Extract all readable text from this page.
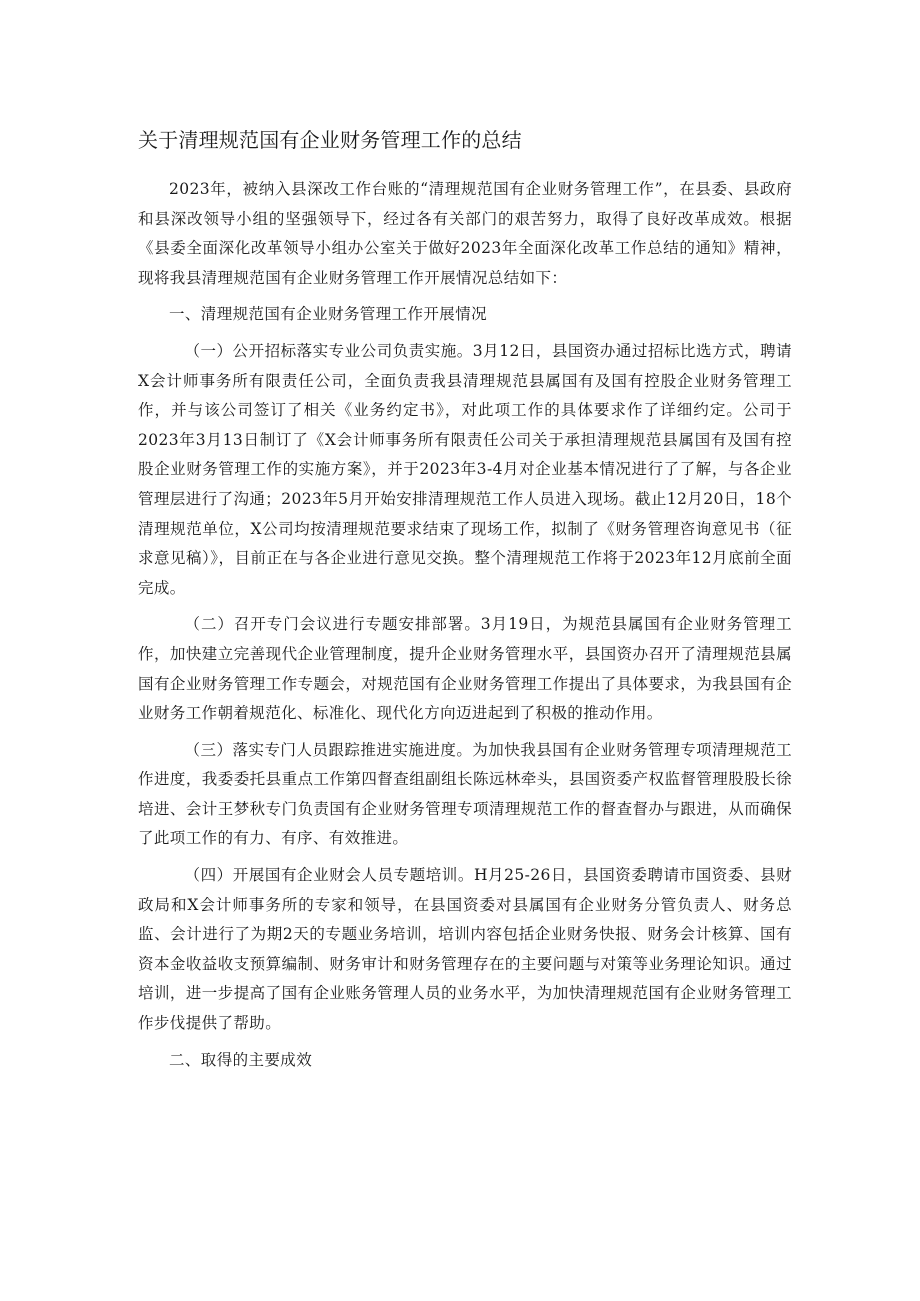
关于清理规范国有企业财务管理工作的总结

2023年，被纳入县深改工作台账的“清理规范国有企业财务管理工作”，在县委、县政府和县深改领导小组的坚强领导下，经过各有关部门的艰苦努力，取得了良好改革成效。根据《县委全面深化改革领导小组办公室关于做好2023年全面深化改革工作总结的通知》精神，现将我县清理规范国有企业财务管理工作开展情况总结如下：

一、清理规范国有企业财务管理工作开展情况

（一）公开招标落实专业公司负责实施。3月12日，县国资办通过招标比选方式，聘请X会计师事务所有限责任公司，全面负责我县清理规范县属国有及国有控股企业财务管理工作，并与该公司签订了相关《业务约定书》，对此项工作的具体要求作了详细约定。公司于2023年3月13日制订了《X会计师事务所有限责任公司关于承担清理规范县属国有及国有控股企业财务管理工作的实施方案》，并于2023年3-4月对企业基本情况进行了了解，与各企业管理层进行了沟通；2023年5月开始安排清理规范工作人员进入现场。截止12月20日，18个清理规范单位，X公司均按清理规范要求结束了现场工作，拟制了《财务管理咨询意见书（征求意见稿）》，目前正在与各企业进行意见交换。整个清理规范工作将于2023年12月底前全面完成。

（二）召开专门会议进行专题安排部署。3月19日，为规范县属国有企业财务管理工作，加快建立完善现代企业管理制度，提升企业财务管理水平，县国资办召开了清理规范县属国有企业财务管理工作专题会，对规范国有企业财务管理工作提出了具体要求，为我县国有企业财务工作朝着规范化、标准化、现代化方向迈进起到了积极的推动作用。

（三）落实专门人员跟踪推进实施进度。为加快我县国有企业财务管理专项清理规范工作进度，我委委托县重点工作第四督查组副组长陈远林牵头，县国资委产权监督管理股股长徐培进、会计王梦秋专门负责国有企业财务管理专项清理规范工作的督查督办与跟进，从而确保了此项工作的有力、有序、有效推进。

（四）开展国有企业财会人员专题培训。H月25-26日，县国资委聘请市国资委、县财政局和X会计师事务所的专家和领导，在县国资委对县属国有企业财务分管负责人、财务总监、会计进行了为期2天的专题业务培训，培训内容包括企业财务快报、财务会计核算、国有资本金收益收支预算编制、财务审计和财务管理存在的主要问题与对策等业务理论知识。通过培训，进一步提高了国有企业账务管理人员的业务水平，为加快清理规范国有企业财务管理工作步伐提供了帮助。

二、取得的主要成效
